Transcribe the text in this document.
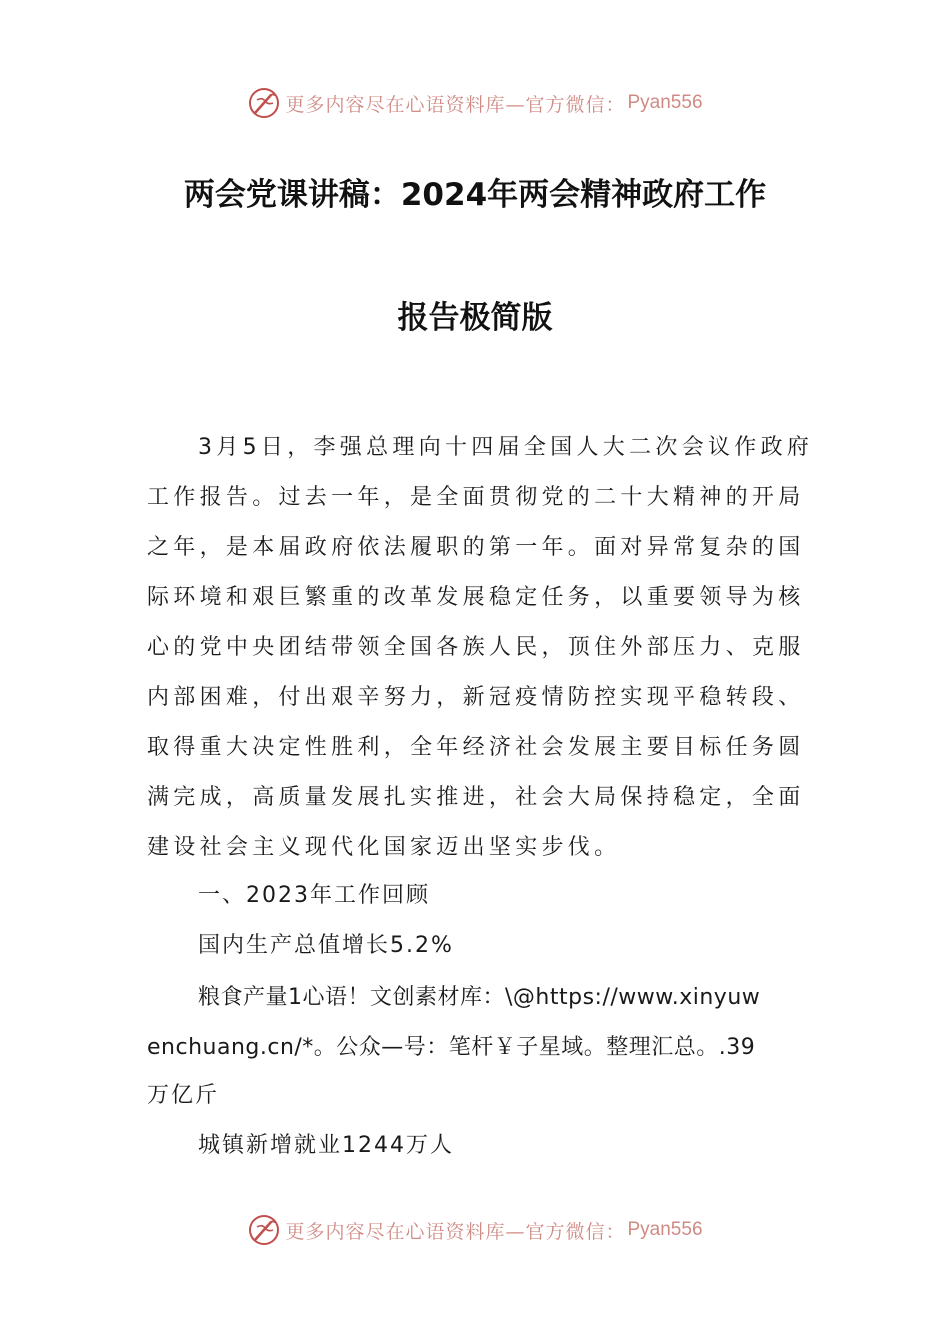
更多内容尽在心语资料库—官方微信： Pyan556
两会党课讲稿：2024年两会精神政府工作
报告极简版
3月5日，李强总理向十四届全国人大二次会议作政府
工作报告。过去一年，是全面贯彻党的二十大精神的开局
之年，是本届政府依法履职的第一年。面对异常复杂的国
际环境和艰巨繁重的改革发展稳定任务，以重要领导为核
心的党中央团结带领全国各族人民，顶住外部压力、克服
内部困难，付出艰辛努力，新冠疫情防控实现平稳转段、
取得重大决定性胜利，全年经济社会发展主要目标任务圆
满完成，高质量发展扎实推进，社会大局保持稳定，全面
建设社会主义现代化国家迈出坚实步伐。
一、2023年工作回顾
国内生产总值增长5.2%
粮食产量1心语！文创素材库：\@https://www.xinyuw
enchuang.cn/*。公众—号：笔杆￥子星域。整理汇总。.39
万亿斤
城镇新增就业1244万人
更多内容尽在心语资料库—官方微信： Pyan556
